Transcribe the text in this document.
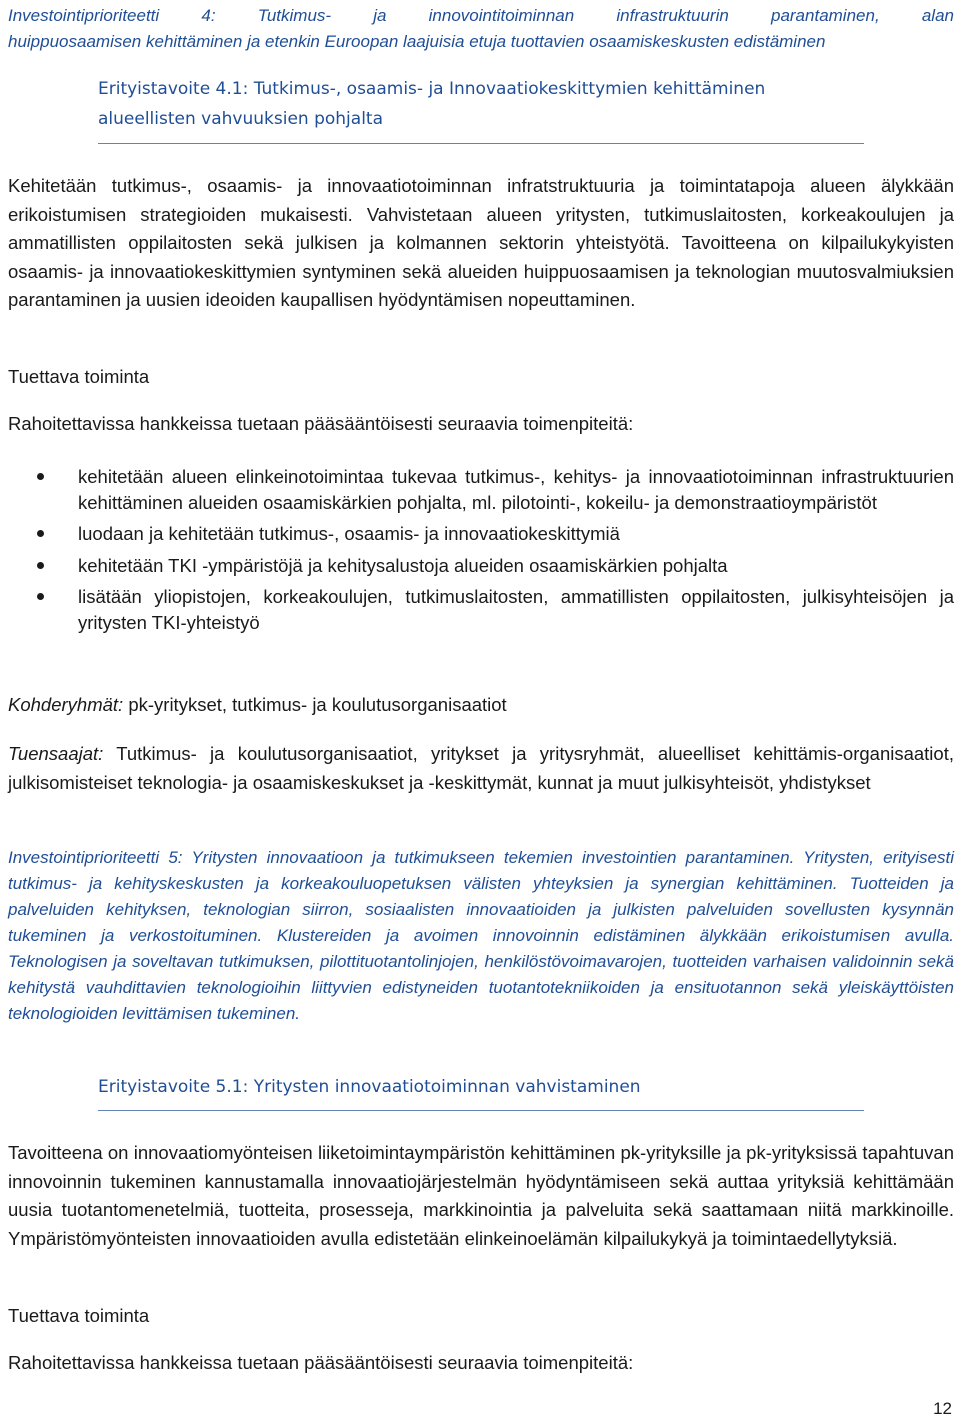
Investointiprioriteetti 4: Tutkimus- ja innovointitoiminnan infrastruktuurin parantaminen, alan

huippuosaamisen kehittäminen ja etenkin Euroopan laajuisia etuja tuottavien osaamiskeskusten edistäminen

Erityistavoite 4.1: Tutkimus-, osaamis- ja Innovaatiokeskittymien kehittäminen

alueellisten vahvuuksien pohjalta

Kehitetään tutkimus-, osaamis- ja innovaatiotoiminnan infratstruktuuria ja toimintatapoja alueen älykkään erikoistumisen strategioiden mukaisesti. Vahvistetaan alueen yritysten, tutkimuslaitosten, korkeakoulujen ja ammatillisten oppilaitosten sekä julkisen ja kolmannen sektorin yhteistyötä. Tavoitteena on kilpailukykyisten osaamis- ja innovaatiokeskittymien syntyminen sekä alueiden huippuosaamisen ja teknologian muutosvalmiuksien parantaminen ja uusien ideoiden kaupallisen hyödyntämisen nopeuttaminen.

Tuettava toiminta

Rahoitettavissa hankkeissa tuetaan pääsääntöisesti seuraavia toimenpiteitä:

kehitetään alueen elinkeinotoimintaa tukevaa tutkimus-, kehitys- ja innovaatiotoiminnan infrastruktuurien kehittäminen alueiden osaamiskärkien pohjalta, ml. pilotointi-, kokeilu- ja demonstraatioympäristöt
luodaan ja kehitetään tutkimus-, osaamis- ja innovaatiokeskittymiä
kehitetään TKI -ympäristöjä ja kehitysalustoja alueiden osaamiskärkien pohjalta
lisätään yliopistojen, korkeakoulujen, tutkimuslaitosten, ammatillisten oppilaitosten, julkisyhteisöjen ja yritysten TKI-yhteistyö

Kohderyhmät: pk-yritykset, tutkimus- ja koulutusorganisaatiot

Tuensaajat: Tutkimus- ja koulutusorganisaatiot, yritykset ja yritysryhmät, alueelliset kehittämis-organisaatiot, julkisomisteiset teknologia- ja osaamiskeskukset ja -keskittymät, kunnat ja muut julkisyhteisöt, yhdistykset

Investointiprioriteetti 5: Yritysten innovaatioon ja tutkimukseen tekemien investointien parantaminen. Yritysten, erityisesti tutkimus- ja kehityskeskusten ja korkeakouluopetuksen välisten yhteyksien ja synergian kehittäminen. Tuotteiden ja palveluiden kehityksen, teknologian siirron, sosiaalisten innovaatioiden ja julkisten palveluiden sovellusten kysynnän tukeminen ja verkostoituminen. Klustereiden ja avoimen innovoinnin edistäminen älykkään erikoistumisen avulla. Teknologisen ja soveltavan tutkimuksen, pilottituotantolinjojen, henkilöstövoimavarojen, tuotteiden varhaisen validoinnin sekä kehitystä vauhdittavien teknologioihin liittyvien edistyneiden tuotantotekniikoiden ja ensituotannon sekä yleiskäyttöisten teknologioiden levittämisen tukeminen.

Erityistavoite 5.1: Yritysten innovaatiotoiminnan vahvistaminen

Tavoitteena on innovaatiomyönteisen liiketoimintaympäristön kehittäminen pk-yrityksille ja pk-yrityksissä tapahtuvan innovoinnin tukeminen kannustamalla innovaatiojärjestelmän hyödyntämiseen sekä auttaa yrityksiä kehittämään uusia tuotantomenetelmiä, tuotteita, prosesseja, markkinointia ja palveluita sekä saattamaan niitä markkinoille. Ympäristömyönteisten innovaatioiden avulla edistetään elinkeinoelämän kilpailukykyä ja toimintaedellytyksiä.

Tuettava toiminta

Rahoitettavissa hankkeissa tuetaan pääsääntöisesti seuraavia toimenpiteitä:

12
